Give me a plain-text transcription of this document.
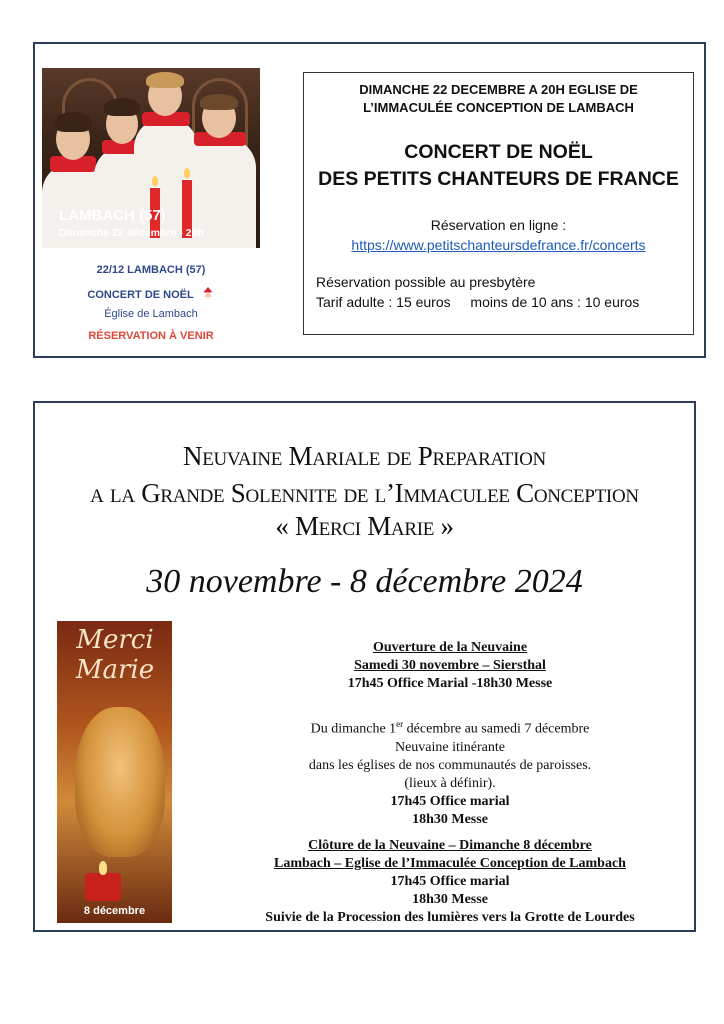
LAMBACH (57)
Dimanche 22 décembre - 20h
22/12 LAMBACH (57)
CONCERT DE NOËL
Église de Lambach
RÉSERVATION À VENIR
DIMANCHE 22 DECEMBRE A 20H EGLISE DE
L’IMMACULÉE CONCEPTION DE LAMBACH
CONCERT DE NOËL
DES PETITS CHANTEURS DE FRANCE
Réservation en ligne :
https://www.petitschanteursdefrance.fr/concerts
Réservation possible au presbytère
Tarif adulte : 15 euros moins de 10 ans : 10 euros
Neuvaine Mariale de Preparation
a la Grande Solennite de l’Immaculee Conception
« Merci Marie »
30 novembre - 8 décembre 2024
Merci
Marie
8 décembre
Ouverture de la Neuvaine
Samedi 30 novembre – Siersthal
17h45 Office Marial -18h30 Messe
Du dimanche 1er décembre au samedi 7 décembre
Neuvaine itinérante
dans les églises de nos communautés de paroisses.
(lieux à définir).
17h45 Office marial
18h30 Messe
Clôture de la Neuvaine – Dimanche 8 décembre
Lambach – Eglise de l’Immaculée Conception de Lambach
17h45 Office marial
18h30 Messe
Suivie de la Procession des lumières vers la Grotte de Lourdes
